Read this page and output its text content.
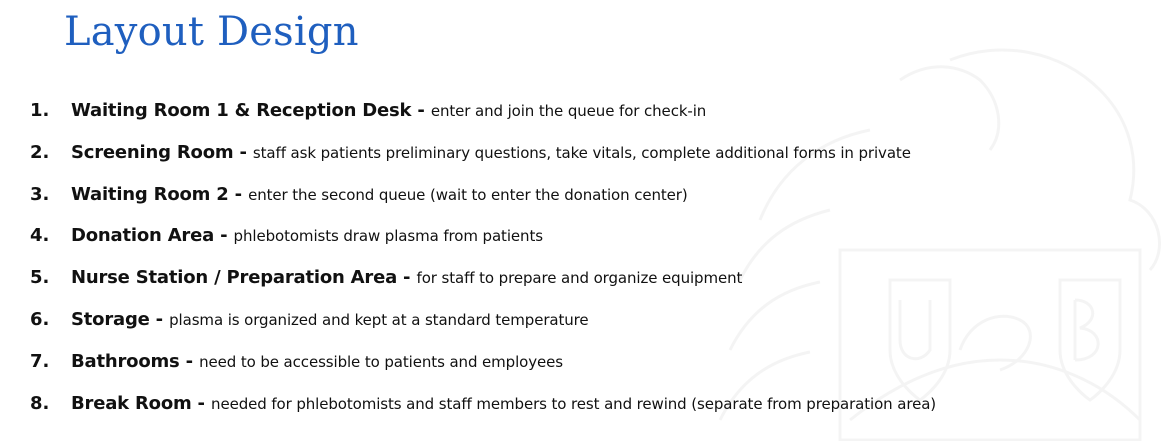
Layout Design
1.	Waiting Room 1 & Reception Desk - enter and join the queue for check-in
2.	Screening Room - staff ask patients preliminary questions, take vitals, complete additional forms in private
3.	Waiting Room 2 - enter the second queue (wait to enter the donation center)
4.	Donation Area - phlebotomists draw plasma from patients
5.	Nurse Station / Preparation Area - for staff to prepare and organize equipment
6.	Storage - plasma is organized and kept at a standard temperature
7.	Bathrooms - need to be accessible to patients and employees
8.	Break Room - needed for phlebotomists and staff members to rest and rewind (separate from preparation area)
